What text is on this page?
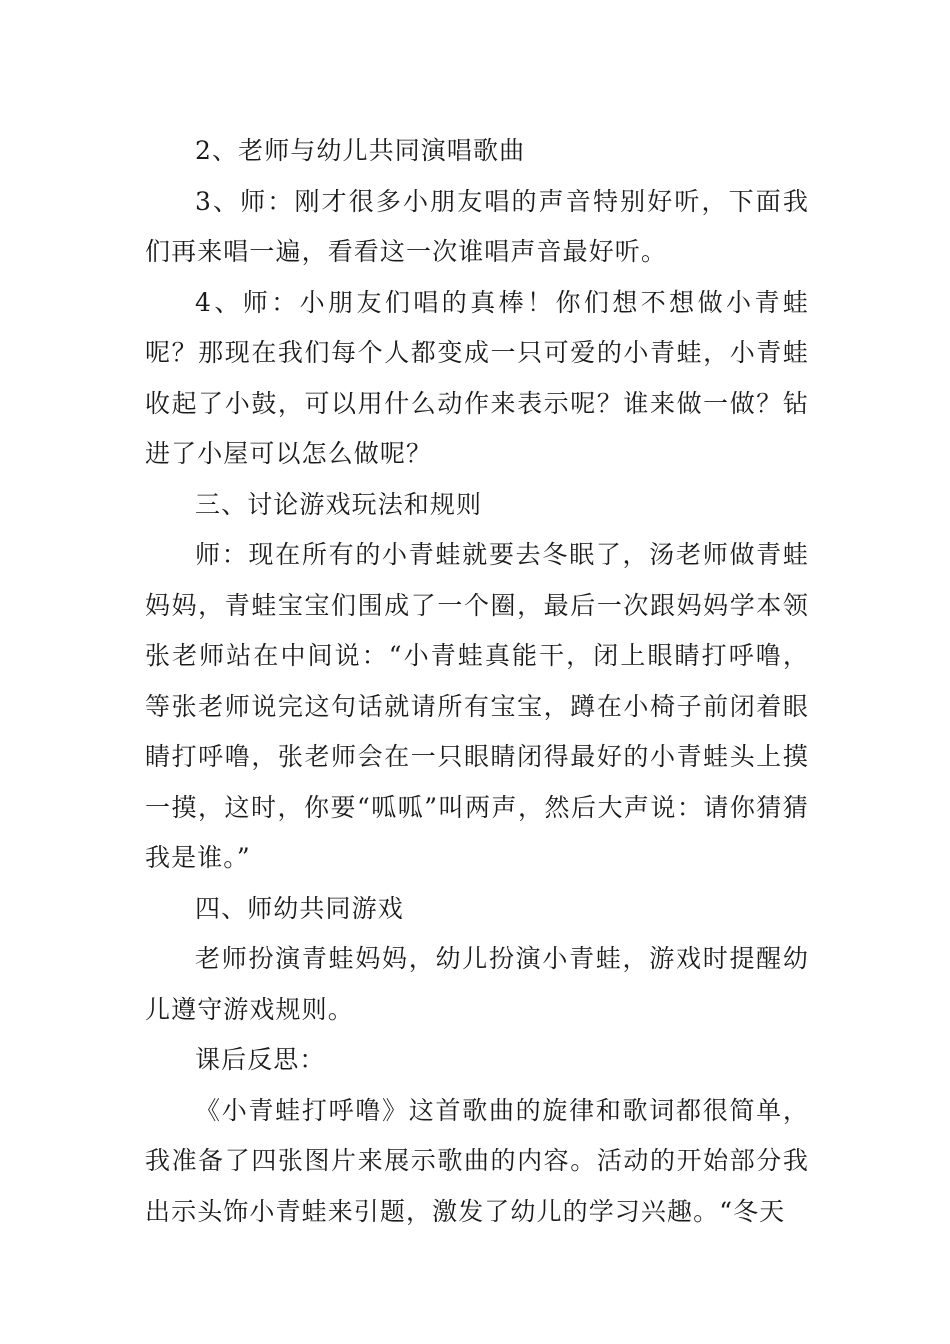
2、老师与幼儿共同演唱歌曲

3、师：刚才很多小朋友唱的声音特别好听，下面我们再来唱一遍，看看这一次谁唱声音最好听。

4、师：小朋友们唱的真棒！你们想不想做小青蛙呢？那现在我们每个人都变成一只可爱的小青蛙，小青蛙收起了小鼓，可以用什么动作来表示呢？谁来做一做？钻进了小屋可以怎么做呢？

三、讨论游戏玩法和规则

师：现在所有的小青蛙就要去冬眠了，汤老师做青蛙妈妈，青蛙宝宝们围成了一个圈，最后一次跟妈妈学本领张老师站在中间说：“小青蛙真能干，闭上眼睛打呼噜，等张老师说完这句话就请所有宝宝，蹲在小椅子前闭着眼睛打呼噜，张老师会在一只眼睛闭得最好的小青蛙头上摸一摸，这时，你要“呱呱”叫两声，然后大声说：请你猜猜我是谁。”

四、师幼共同游戏

老师扮演青蛙妈妈，幼儿扮演小青蛙，游戏时提醒幼儿遵守游戏规则。

课后反思：

《小青蛙打呼噜》这首歌曲的旋律和歌词都很简单，我准备了四张图片来展示歌曲的内容。活动的开始部分我出示头饰小青蛙来引题，激发了幼儿的学习兴趣。“冬天
